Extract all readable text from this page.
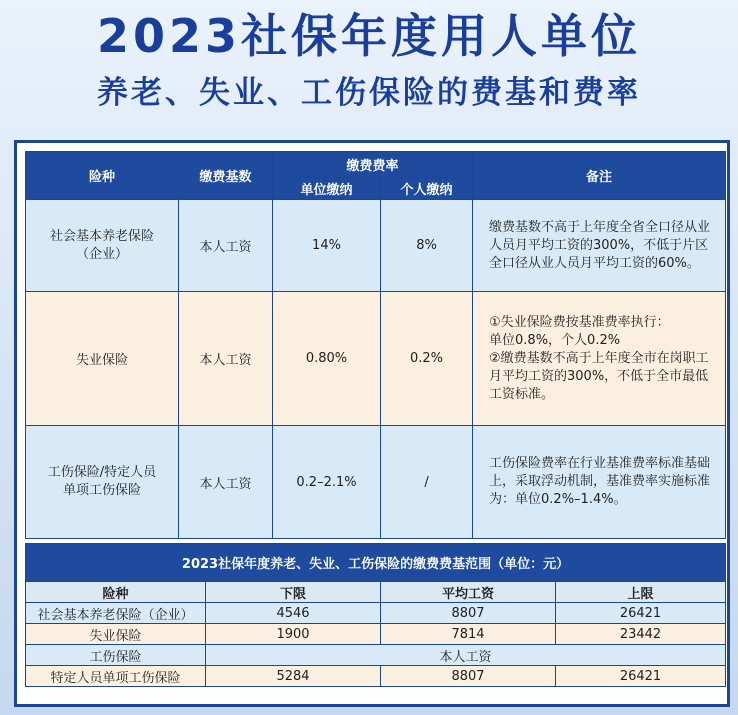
2023社保年度用人单位
养老、失业、工伤保险的费基和费率
险种	缴费基数	缴费费率		备注
		单位缴纳	个人缴纳	
社会基本养老保险
（企业）	本人工资	14%	8%	缴费基数不高于上年度全省全口径从业人员月平均工资的300%，不低于片区全口径从业人员月平均工资的60%。
失业保险	本人工资	0.80%	0.2%	①失业保险费按基准费率执行：
单位0.8%，个人0.2%
②缴费基数不高于上年度全市在岗职工月平均工资的300%，不低于全市最低工资标准。
工伤保险/特定人员
单项工伤保险	本人工资	0.2–2.1%	/	工伤保险费率在行业基准费率标准基础上，采取浮动机制，基准费率实施标准为：单位0.2%–1.4%。
2023社保年度养老、失业、工伤保险的缴费费基范围（单位：元）			
险种	下限	平均工资	上限
社会基本养老保险（企业）	4546	8807	26421
失业保险	1900	7814	23442
工伤保险	本人工资		
特定人员单项工伤保险	5284	8807	26421
